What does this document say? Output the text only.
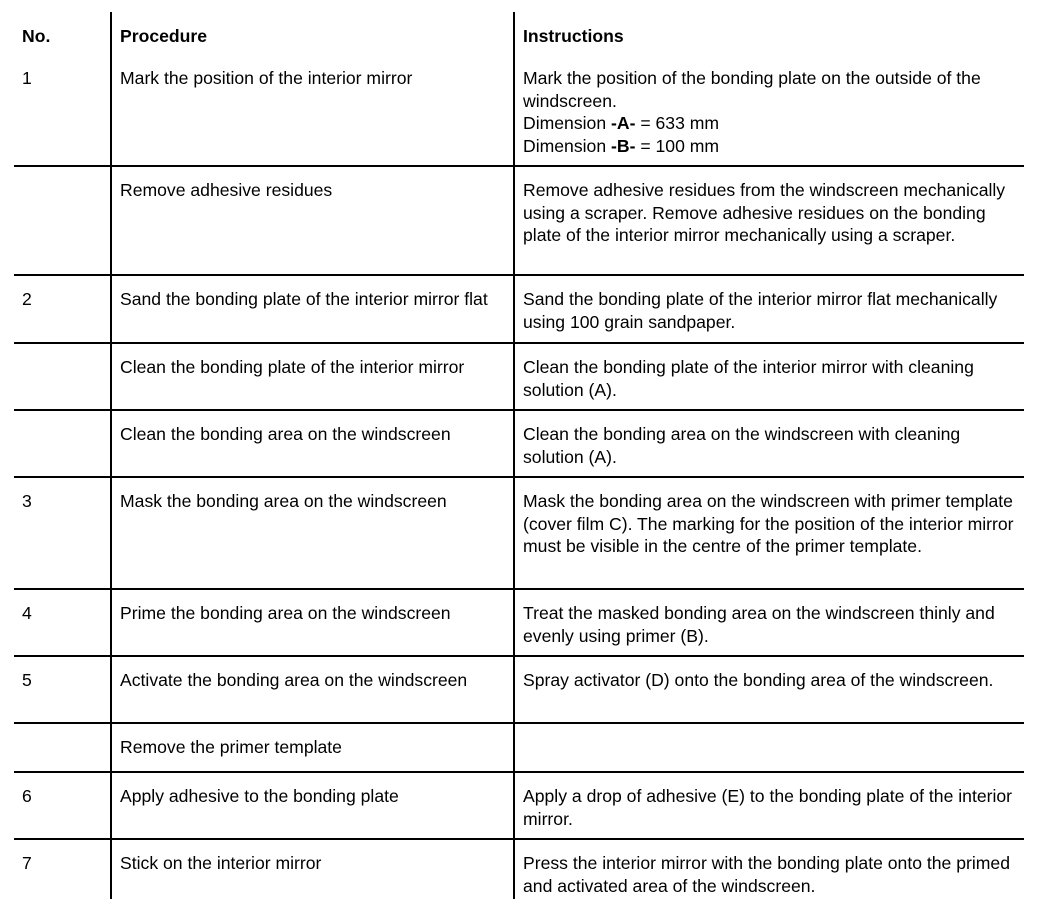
No.	Procedure	Instructions
1	Mark the position of the interior mirror	Mark the position of the bonding plate on the outside of the windscreen.
Dimension -A- = 633 mm
Dimension -B- = 100 mm

	Remove adhesive residues	Remove adhesive residues from the windscreen mechanically using a scraper. Remove adhesive residues on the bonding plate of the interior mirror mechanically using a scraper.
2	Sand the bonding plate of the interior mirror flat	Sand the bonding plate of the interior mirror flat mechanically using 100 grain sandpaper.
	Clean the bonding plate of the interior mirror	Clean the bonding plate of the interior mirror with cleaning solution (A).
	Clean the bonding area on the windscreen	Clean the bonding area on the windscreen with cleaning solution (A).
3	Mask the bonding area on the windscreen	Mask the bonding area on the windscreen with primer template (cover film C). The marking for the position of the interior mirror must be visible in the centre of the primer template.
4	Prime the bonding area on the windscreen	Treat the masked bonding area on the windscreen thinly and evenly using primer (B).
5	Activate the bonding area on the windscreen	Spray activator (D) onto the bonding area of the windscreen.
	Remove the primer template	
6	Apply adhesive to the bonding plate	Apply a drop of adhesive (E) to the bonding plate of the interior mirror.
7	Stick on the interior mirror	Press the interior mirror with the bonding plate onto the primed and activated area of the windscreen.
